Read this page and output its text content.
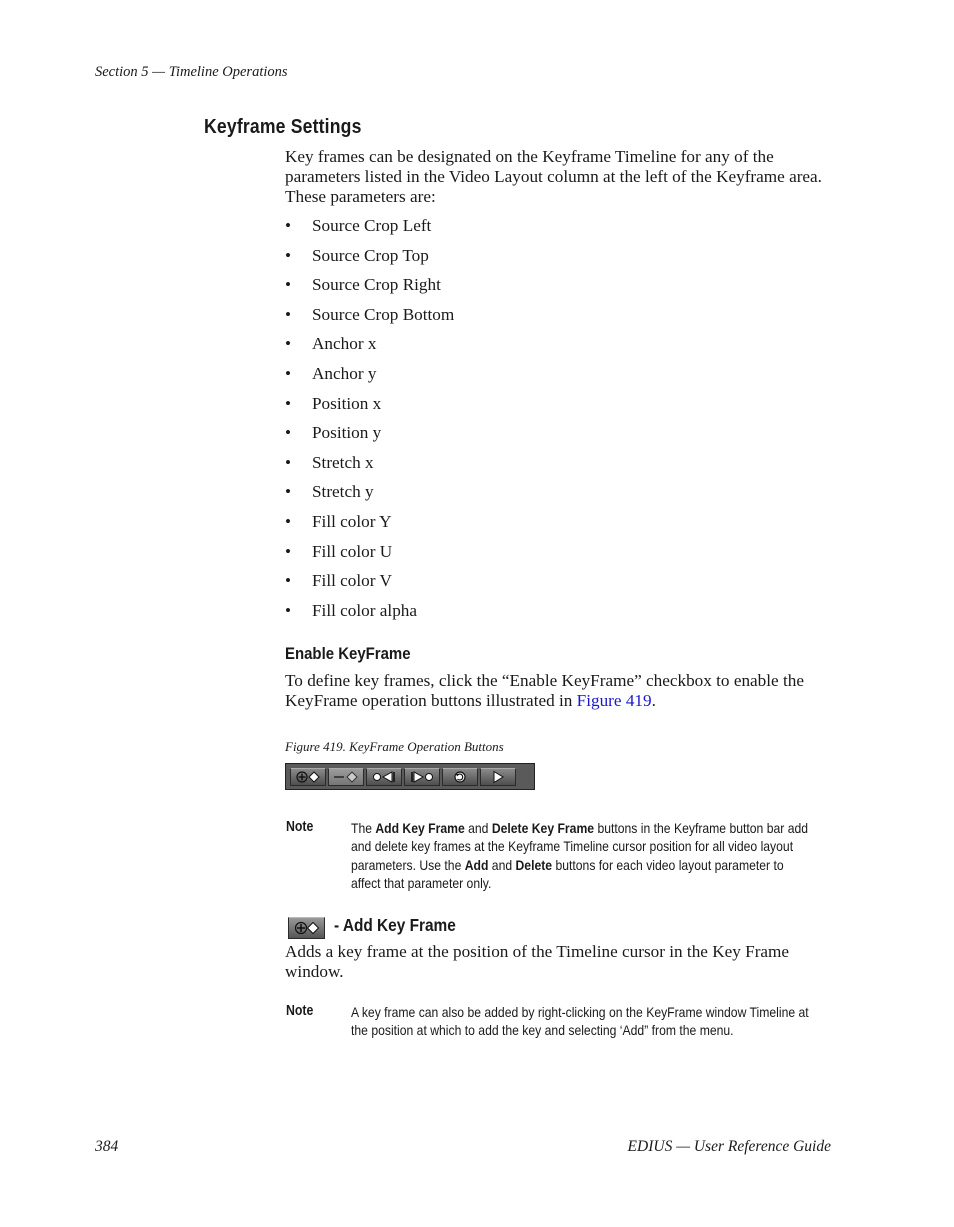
Section 5 — Timeline Operations
Keyframe Settings
Key frames can be designated on the Keyframe Timeline for any of the parameters listed in the Video Layout column at the left of the Keyframe area. These parameters are:
• Source Crop Left
• Source Crop Top
• Source Crop Right
• Source Crop Bottom
• Anchor x
• Anchor y
• Position x
• Position y
• Stretch x
• Stretch y
• Fill color Y
• Fill color U
• Fill color V
• Fill color alpha
Enable KeyFrame
To define key frames, click the “Enable KeyFrame” checkbox to enable the KeyFrame operation buttons illustrated in Figure 419.
Figure 419. KeyFrame Operation Buttons
Note	The Add Key Frame and Delete Key Frame buttons in the Keyframe button bar add and delete key frames at the Keyframe Timeline cursor position for all video layout parameters. Use the Add and Delete buttons for each video layout parameter to affect that parameter only.
- Add Key Frame
Adds a key frame at the position of the Timeline cursor in the Key Frame window.
Note	A key frame can also be added by right-clicking on the KeyFrame window Timeline at the position at which to add the key and selecting ‘Add” from the menu.
384	EDIUS — User Reference Guide
